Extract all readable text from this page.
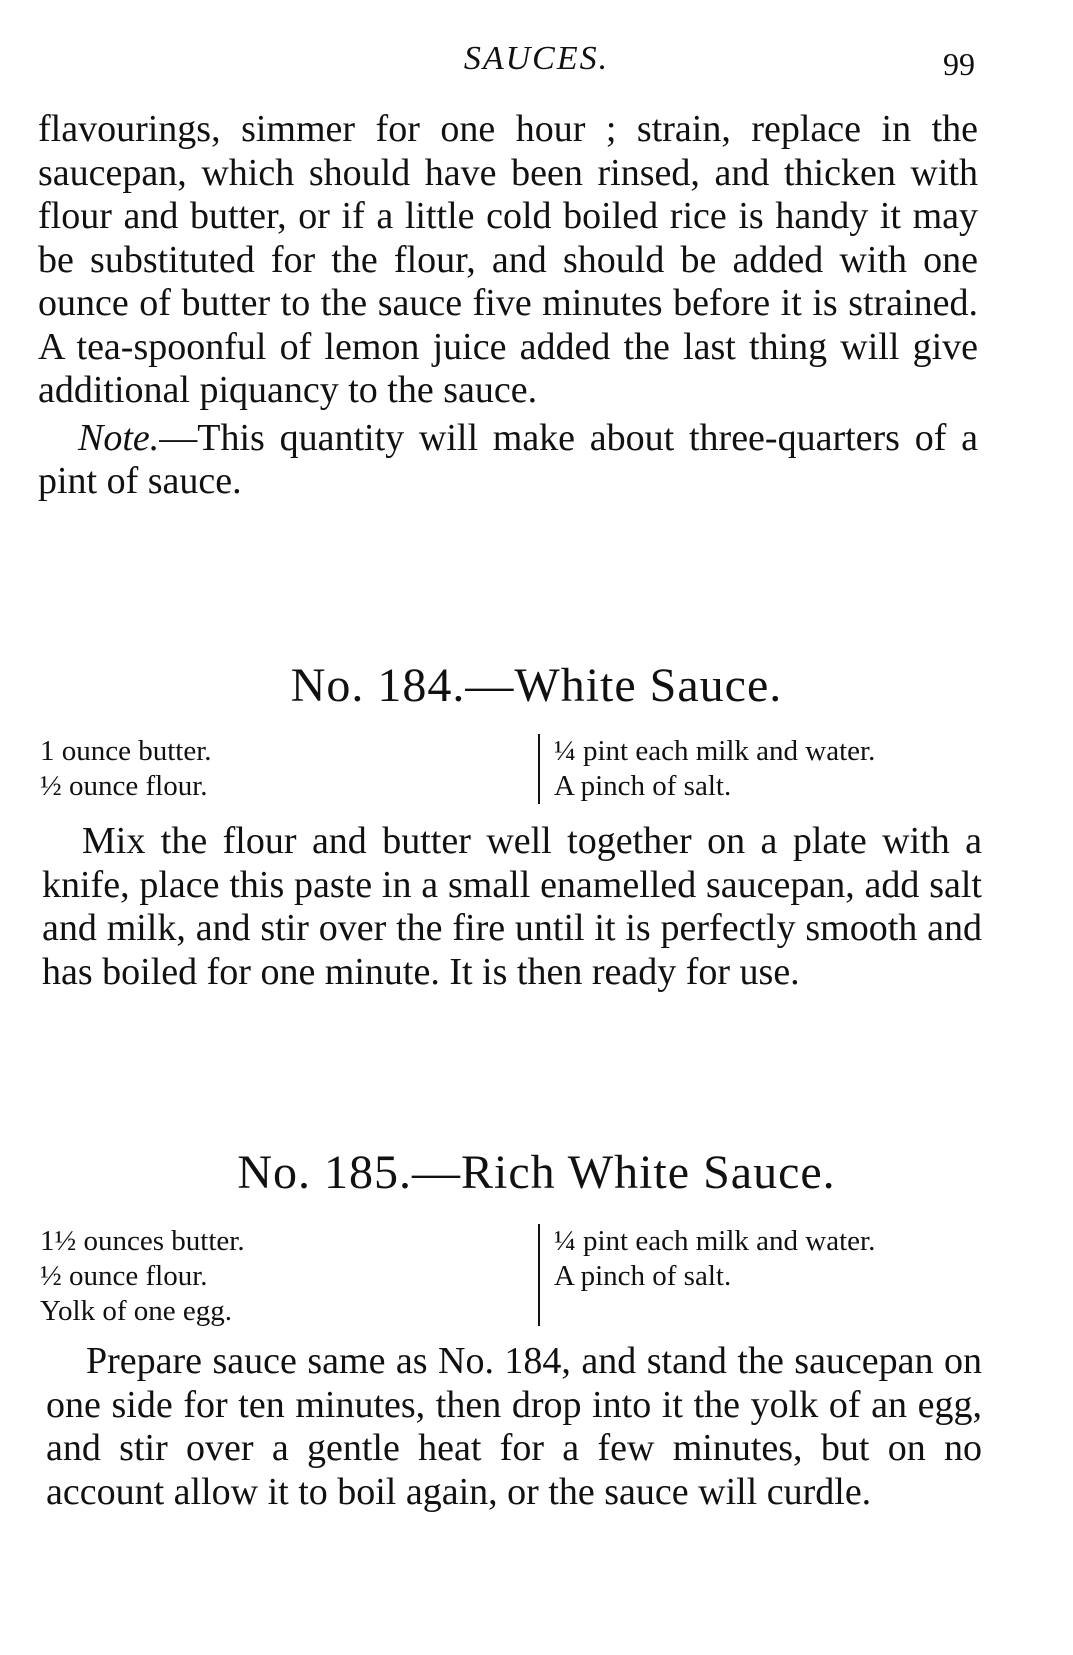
SAUCES.	99

flavourings, simmer for one hour ; strain, replace in the saucepan, which should have been rinsed, and thicken with flour and butter, or if a little cold boiled rice is handy it may be substituted for the flour, and should be added with one ounce of butter to the sauce five minutes before it is strained. A tea-spoonful of lemon juice added the last thing will give additional piquancy to the sauce.

Note.—This quantity will make about three-quarters of a pint of sauce.

No. 184.—White Sauce.
1 ounce butter.
½ ounce flour.
¼ pint each milk and water.
A pinch of salt.

Mix the flour and butter well together on a plate with a knife, place this paste in a small enamelled saucepan, add salt and milk, and stir over the fire until it is perfectly smooth and has boiled for one minute. It is then ready for use.

No. 185.—Rich White Sauce.
1½ ounces butter.
½ ounce flour.
Yolk of one egg.
¼ pint each milk and water.
A pinch of salt.

Prepare sauce same as No. 184, and stand the saucepan on one side for ten minutes, then drop into it the yolk of an egg, and stir over a gentle heat for a few minutes, but on no account allow it to boil again, or the sauce will curdle.
